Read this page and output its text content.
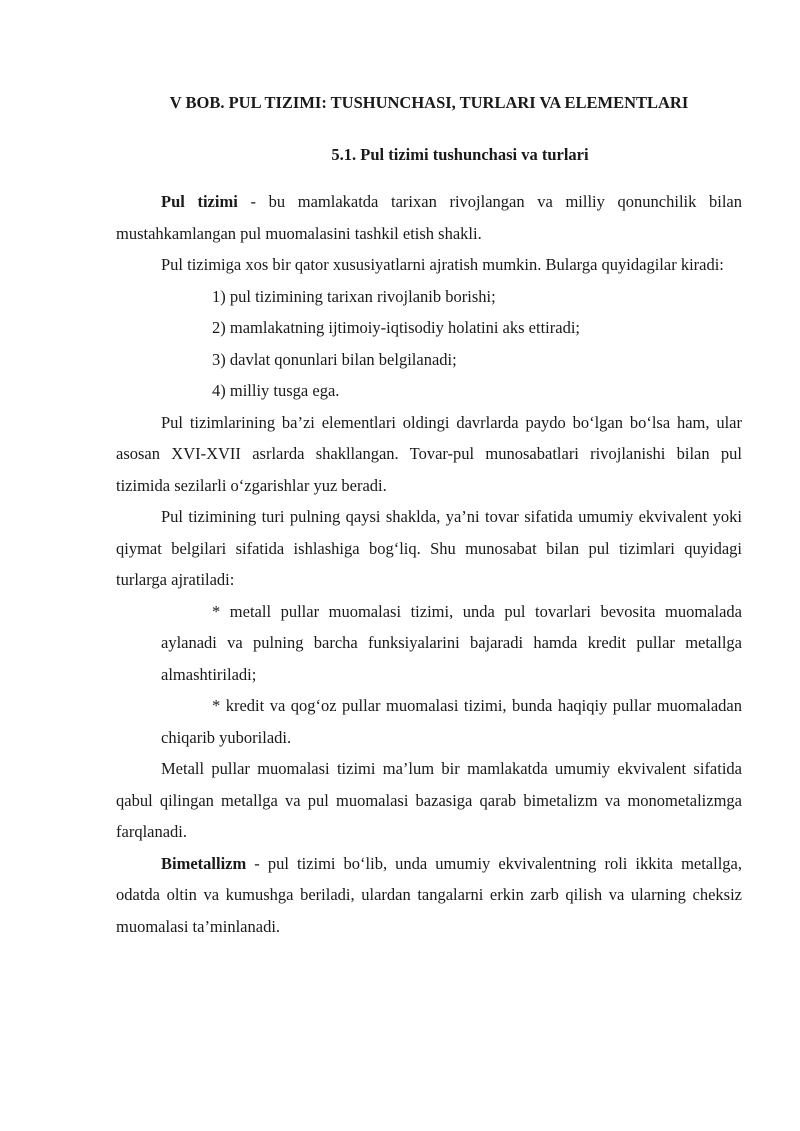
V BOB. PUL TIZIMI: TUSHUNCHASI, TURLARI VA ELEMENTLARI
5.1. Pul tizimi tushunchasi va turlari

Pul tizimi - bu mamlakatda tarixan rivojlangan va milliy qonunchilik bilan mustahkamlangan pul muomalasini tashkil etish shakli.

Pul tizimiga xos bir qator xususiyatlarni ajratish mumkin. Bularga quyidagilar kiradi:

1) pul tizimining tarixan rivojlanib borishi;
2) mamlakatning ijtimoiy-iqtisodiy holatini aks ettiradi;
3) davlat qonunlari bilan belgilanadi;
4) milliy tusga ega.

Pul tizimlarining ba’zi elementlari oldingi davrlarda paydo bo‘lgan bo‘lsa ham, ular asosan XVI-XVII asrlarda shakllangan. Tovar-pul munosabatlari rivojlanishi bilan pul tizimida sezilarli o‘zgarishlar yuz beradi.

Pul tizimining turi pulning qaysi shaklda, ya’ni tovar sifatida umumiy ekvivalent yoki qiymat belgilari sifatida ishlashiga bog‘liq. Shu munosabat bilan pul tizimlari quyidagi turlarga ajratiladi:

* metall pullar muomalasi tizimi, unda pul tovarlari bevosita muomalada aylanadi va pulning barcha funksiyalarini bajaradi hamda kredit pullar metallga almashtiriladi;

* kredit va qog‘oz pullar muomalasi tizimi, bunda haqiqiy pullar muomaladan chiqarib yuboriladi.

Metall pullar muomalasi tizimi ma’lum bir mamlakatda umumiy ekvivalent sifatida qabul qilingan metallga va pul muomalasi bazasiga qarab bimetalizm va monometalizmga farqlanadi.

Bimetallizm - pul tizimi bo‘lib, unda umumiy ekvivalentning roli ikkita metallga, odatda oltin va kumushga beriladi, ulardan tangalarni erkin zarb qilish va ularning cheksiz muomalasi ta’minlanadi.
